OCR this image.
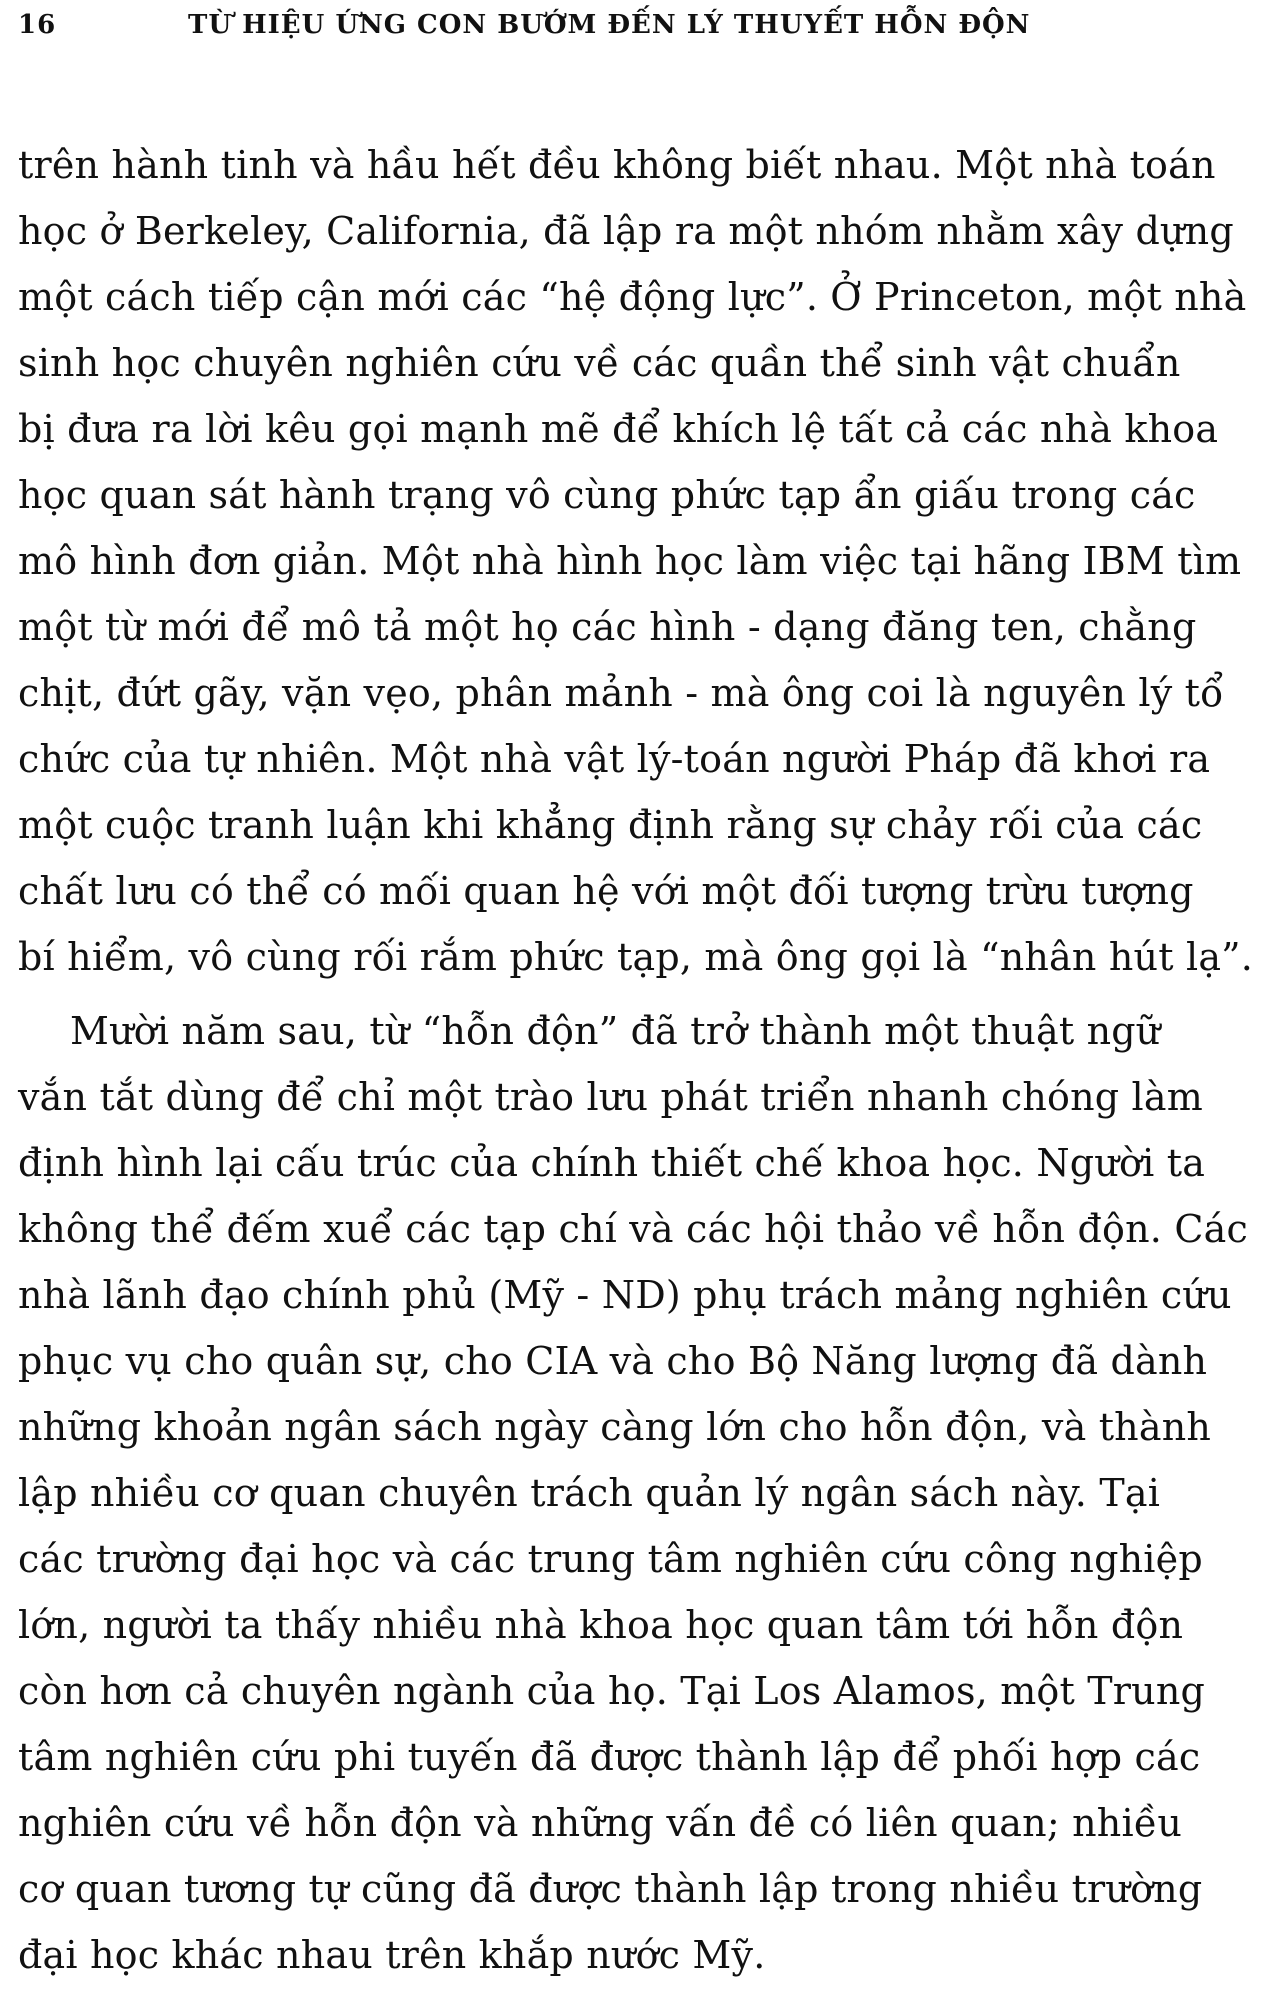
16	TỪ HIỆU ỨNG CON BƯỚM ĐẾN LÝ THUYẾT HỖN ĐỘN
trên hành tinh và hầu hết đều không biết nhau. Một nhà toán
học ở Berkeley, California, đã lập ra một nhóm nhằm xây dựng
một cách tiếp cận mới các “hệ động lực”. Ở Princeton, một nhà
sinh học chuyên nghiên cứu về các quần thể sinh vật chuẩn
bị đưa ra lời kêu gọi mạnh mẽ để khích lệ tất cả các nhà khoa
học quan sát hành trạng vô cùng phức tạp ẩn giấu trong các
mô hình đơn giản. Một nhà hình học làm việc tại hãng IBM tìm
một từ mới để mô tả một họ các hình - dạng đăng ten, chằng
chịt, đứt gãy, vặn vẹo, phân mảnh - mà ông coi là nguyên lý tổ
chức của tự nhiên. Một nhà vật lý-toán người Pháp đã khơi ra
một cuộc tranh luận khi khẳng định rằng sự chảy rối của các
chất lưu có thể có mối quan hệ với một đối tượng trừu tượng
bí hiểm, vô cùng rối rắm phức tạp, mà ông gọi là “nhân hút lạ”.
Mười năm sau, từ “hỗn độn” đã trở thành một thuật ngữ
vắn tắt dùng để chỉ một trào lưu phát triển nhanh chóng làm
định hình lại cấu trúc của chính thiết chế khoa học. Người ta
không thể đếm xuể các tạp chí và các hội thảo về hỗn độn. Các
nhà lãnh đạo chính phủ (Mỹ - ND) phụ trách mảng nghiên cứu
phục vụ cho quân sự, cho CIA và cho Bộ Năng lượng đã dành
những khoản ngân sách ngày càng lớn cho hỗn độn, và thành
lập nhiều cơ quan chuyên trách quản lý ngân sách này. Tại
các trường đại học và các trung tâm nghiên cứu công nghiệp
lớn, người ta thấy nhiều nhà khoa học quan tâm tới hỗn độn
còn hơn cả chuyên ngành của họ. Tại Los Alamos, một Trung
tâm nghiên cứu phi tuyến đã được thành lập để phối hợp các
nghiên cứu về hỗn độn và những vấn đề có liên quan; nhiều
cơ quan tương tự cũng đã được thành lập trong nhiều trường
đại học khác nhau trên khắp nước Mỹ.
